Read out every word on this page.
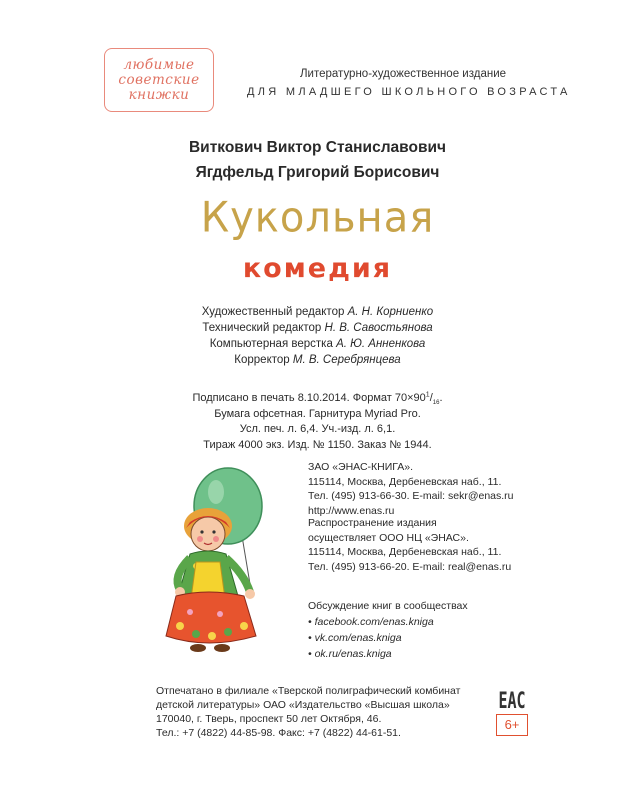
любимые
советские
книжки
Литературно-художественное издание
ДЛЯ МЛАДШЕГО ШКОЛЬНОГО ВОЗРАСТА
Виткович Виктор Станиславович
Ягдфельд Григорий Борисович
Кукольная
комедия
Художественный редактор А. Н. Корниенко
Технический редактор Н. В. Савостьянова
Компьютерная верстка А. Ю. Анненкова
Корректор М. В. Серебрянцева
Подписано в печать 8.10.2014. Формат $70\times 90^1/_{16}$.
Бумага офсетная. Гарнитура Myriad Pro.
Усл. печ. л. 6,4. Уч.-изд. л. 6,1.
Тираж 4000 экз. Изд. № 1150. Заказ № 1944.
ЗАО «ЭНАС-КНИГА».
115114, Москва, Дербеневская наб., 11.
Тел. (495) 913-66-30. E-mail: sekr@enas.ru
http://www.enas.ru
Распространение издания
осуществляет ООО НЦ «ЭНАС».
115114, Москва, Дербеневская наб., 11.
Тел. (495) 913-66-20. E-mail: real@enas.ru
Обсуждение книг в сообществах
• facebook.com/enas.kniga
• vk.com/enas.kniga
• ok.ru/enas.kniga
Отпечатано в филиале «Тверской полиграфический комбинат
детской литературы» ОАО «Издательство «Высшая школа»
170040, г. Тверь, проспект 50 лет Октября, 46.
Тел.: +7 (4822) 44-85-98. Факс: +7 (4822) 44-61-51.
EAC
6+
